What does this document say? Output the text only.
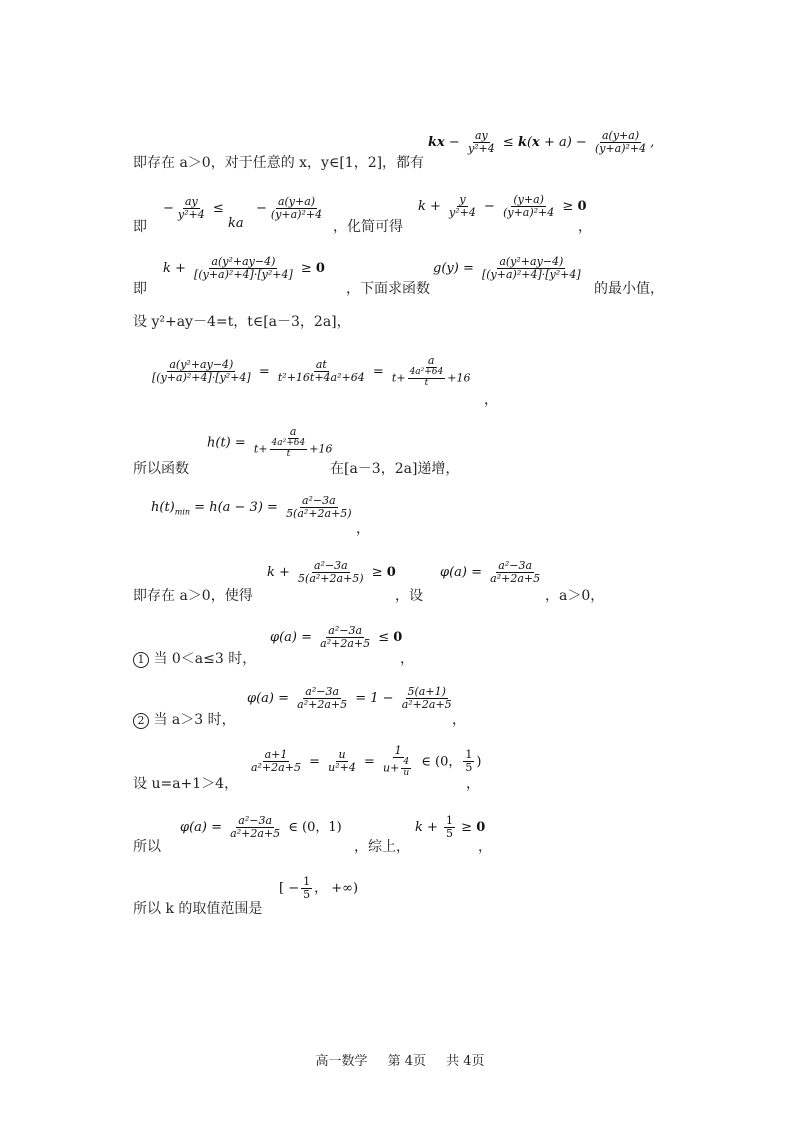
即存在 a＞0，对于任意的 x，y∈[1，2]，都有
kx − $\frac{ay}{\text{y²+4}} \le k(x + a) - \frac{a(y+a)}{\text{(y+a)²+4}}$ ,
即
− $\frac{ay}{\text{y²+4}}$ ≤
ka
− $\frac{a(y+a)}{\text{(y+a)²+4}}$
，化简可得
$k + \frac{y}{\text{y²+4}} - \frac{(y+a)}{\text{(y+a)²+4}} \ge 0$
，
即
$k + \frac{\text{a(y²+ay−4)}}{\text{[(y+a)²+4]·[y²+4]}} \ge 0$
，下面求函数
$g(y) = \frac{\text{a(y²+ay−4)}}{\text{[(y+a)²+4]·[y²+4]}}$
的最小值，
设 y²+ay－4=t，t∈[a－3，2a]，
$\frac{\text{a(y²+ay−4)}}{\text{[(y+a)²+4]·[y²+4]}} = \frac{at}{\text{t²+16t+4a²+64}} = \frac{a}{t+ \frac{\text{4a²+64}}{t} +16}$
，
所以函数
$h(t) = \frac{a}{t+ \frac{\text{4a²+64}}{t} +16}$
在[a－3，2a]递增，
$h(t)_{min} = h(a - 3) = \frac{\text{a²−3a}}{\text{5(a²+2a+5)}}$
，
即存在 a＞0，使得
$k + \frac{\text{a²−3a}}{\text{5(a²+2a+5)}} \ge 0$
，设
$\varphi(a) = \frac{\text{a²−3a}}{\text{a²+2a+5}}$
，a＞0，
1 当 0＜a≤3 时，
$\varphi(a) = \frac{\text{a²−3a}}{\text{a²+2a+5}} \le 0$
，
2 当 a＞3 时，
$\varphi(a) = \frac{\text{a²−3a}}{\text{a²+2a+5}} = 1 - \frac{5(a+1)}{\text{a²+2a+5}}$
，
设 u=a+1＞4，
$\frac{a+1}{\text{a²+2a+5}} = \frac{u}{\text{u²+4}} = \frac{1}{u+ \frac{4}{u}}$ ∈ (0， $\frac{1}{5}$ )
，
所以
$\varphi(a) = \frac{\text{a²−3a}}{\text{a²+2a+5}}$ ∈ (0，1)
，综上，
$k + \frac{1}{5} \ge 0$
，
所以 k 的取值范围是
[ − $\frac{1}{5}$ ， +∞)
高一数学 第 4页 共 4页
